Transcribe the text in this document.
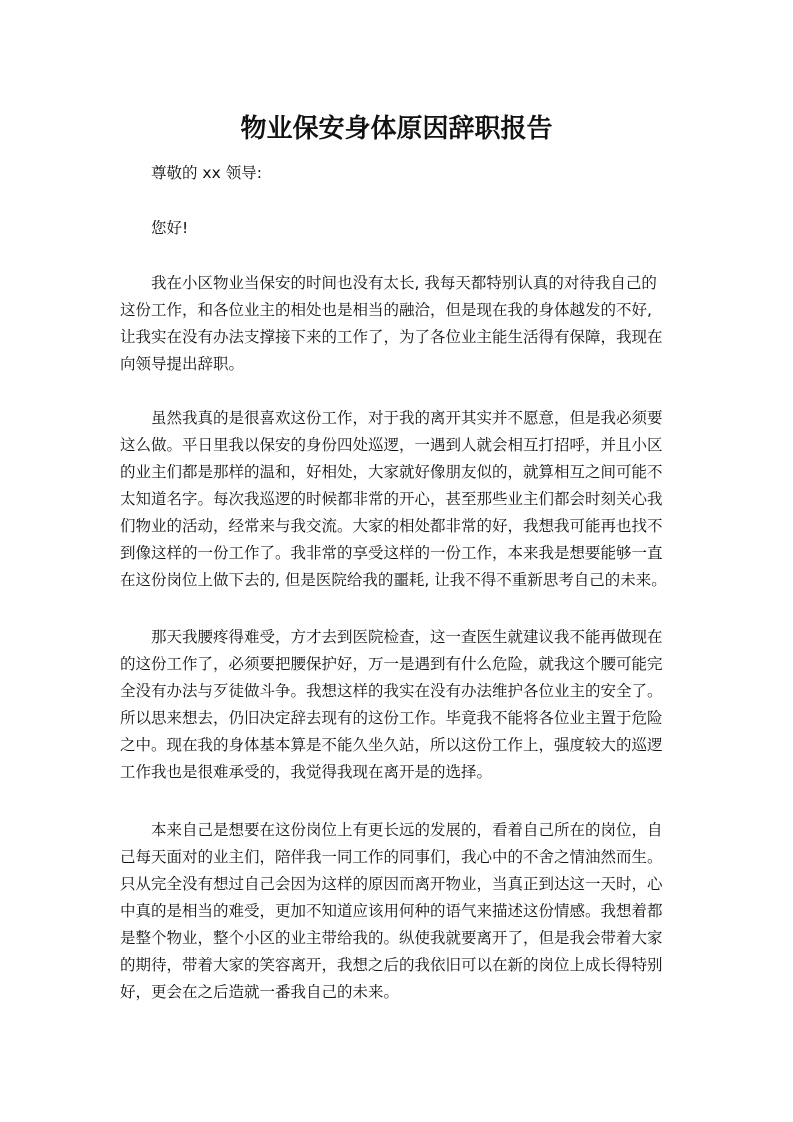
物业保安身体原因辞职报告
尊敬的 xx 领导:
您好!
我在小区物业当保安的时间也没有太长, 我每天都特别认真的对待我自己的
这份工作，和各位业主的相处也是相当的融洽，但是现在我的身体越发的不好,
让我实在没有办法支撑接下来的工作了，为了各位业主能生活得有保障，我现在
向领导提出辞职。
虽然我真的是很喜欢这份工作，对于我的离开其实并不愿意，但是我必须要
这么做。平日里我以保安的身份四处巡逻，一遇到人就会相互打招呼，并且小区
的业主们都是那样的温和，好相处，大家就好像朋友似的，就算相互之间可能不
太知道名字。每次我巡逻的时候都非常的开心，甚至那些业主们都会时刻关心我
们物业的活动，经常来与我交流。大家的相处都非常的好，我想我可能再也找不
到像这样的一份工作了。我非常的享受这样的一份工作，本来我是想要能够一直
在这份岗位上做下去的, 但是医院给我的噩耗, 让我不得不重新思考自己的未来。
那天我腰疼得难受，方才去到医院检查，这一查医生就建议我不能再做现在
的这份工作了，必须要把腰保护好，万一是遇到有什么危险，就我这个腰可能完
全没有办法与歹徒做斗争。我想这样的我实在没有办法维护各位业主的安全了。
所以思来想去，仍旧决定辞去现有的这份工作。毕竟我不能将各位业主置于危险
之中。现在我的身体基本算是不能久坐久站，所以这份工作上，强度较大的巡逻
工作我也是很难承受的，我觉得我现在离开是的选择。
本来自己是想要在这份岗位上有更长远的发展的，看着自己所在的岗位，自
己每天面对的业主们，陪伴我一同工作的同事们，我心中的不舍之情油然而生。
只从完全没有想过自己会因为这样的原因而离开物业，当真正到达这一天时，心
中真的是相当的难受，更加不知道应该用何种的语气来描述这份情感。我想着都
是整个物业，整个小区的业主带给我的。纵使我就要离开了，但是我会带着大家
的期待，带着大家的笑容离开，我想之后的我依旧可以在新的岗位上成长得特别
好，更会在之后造就一番我自己的未来。
